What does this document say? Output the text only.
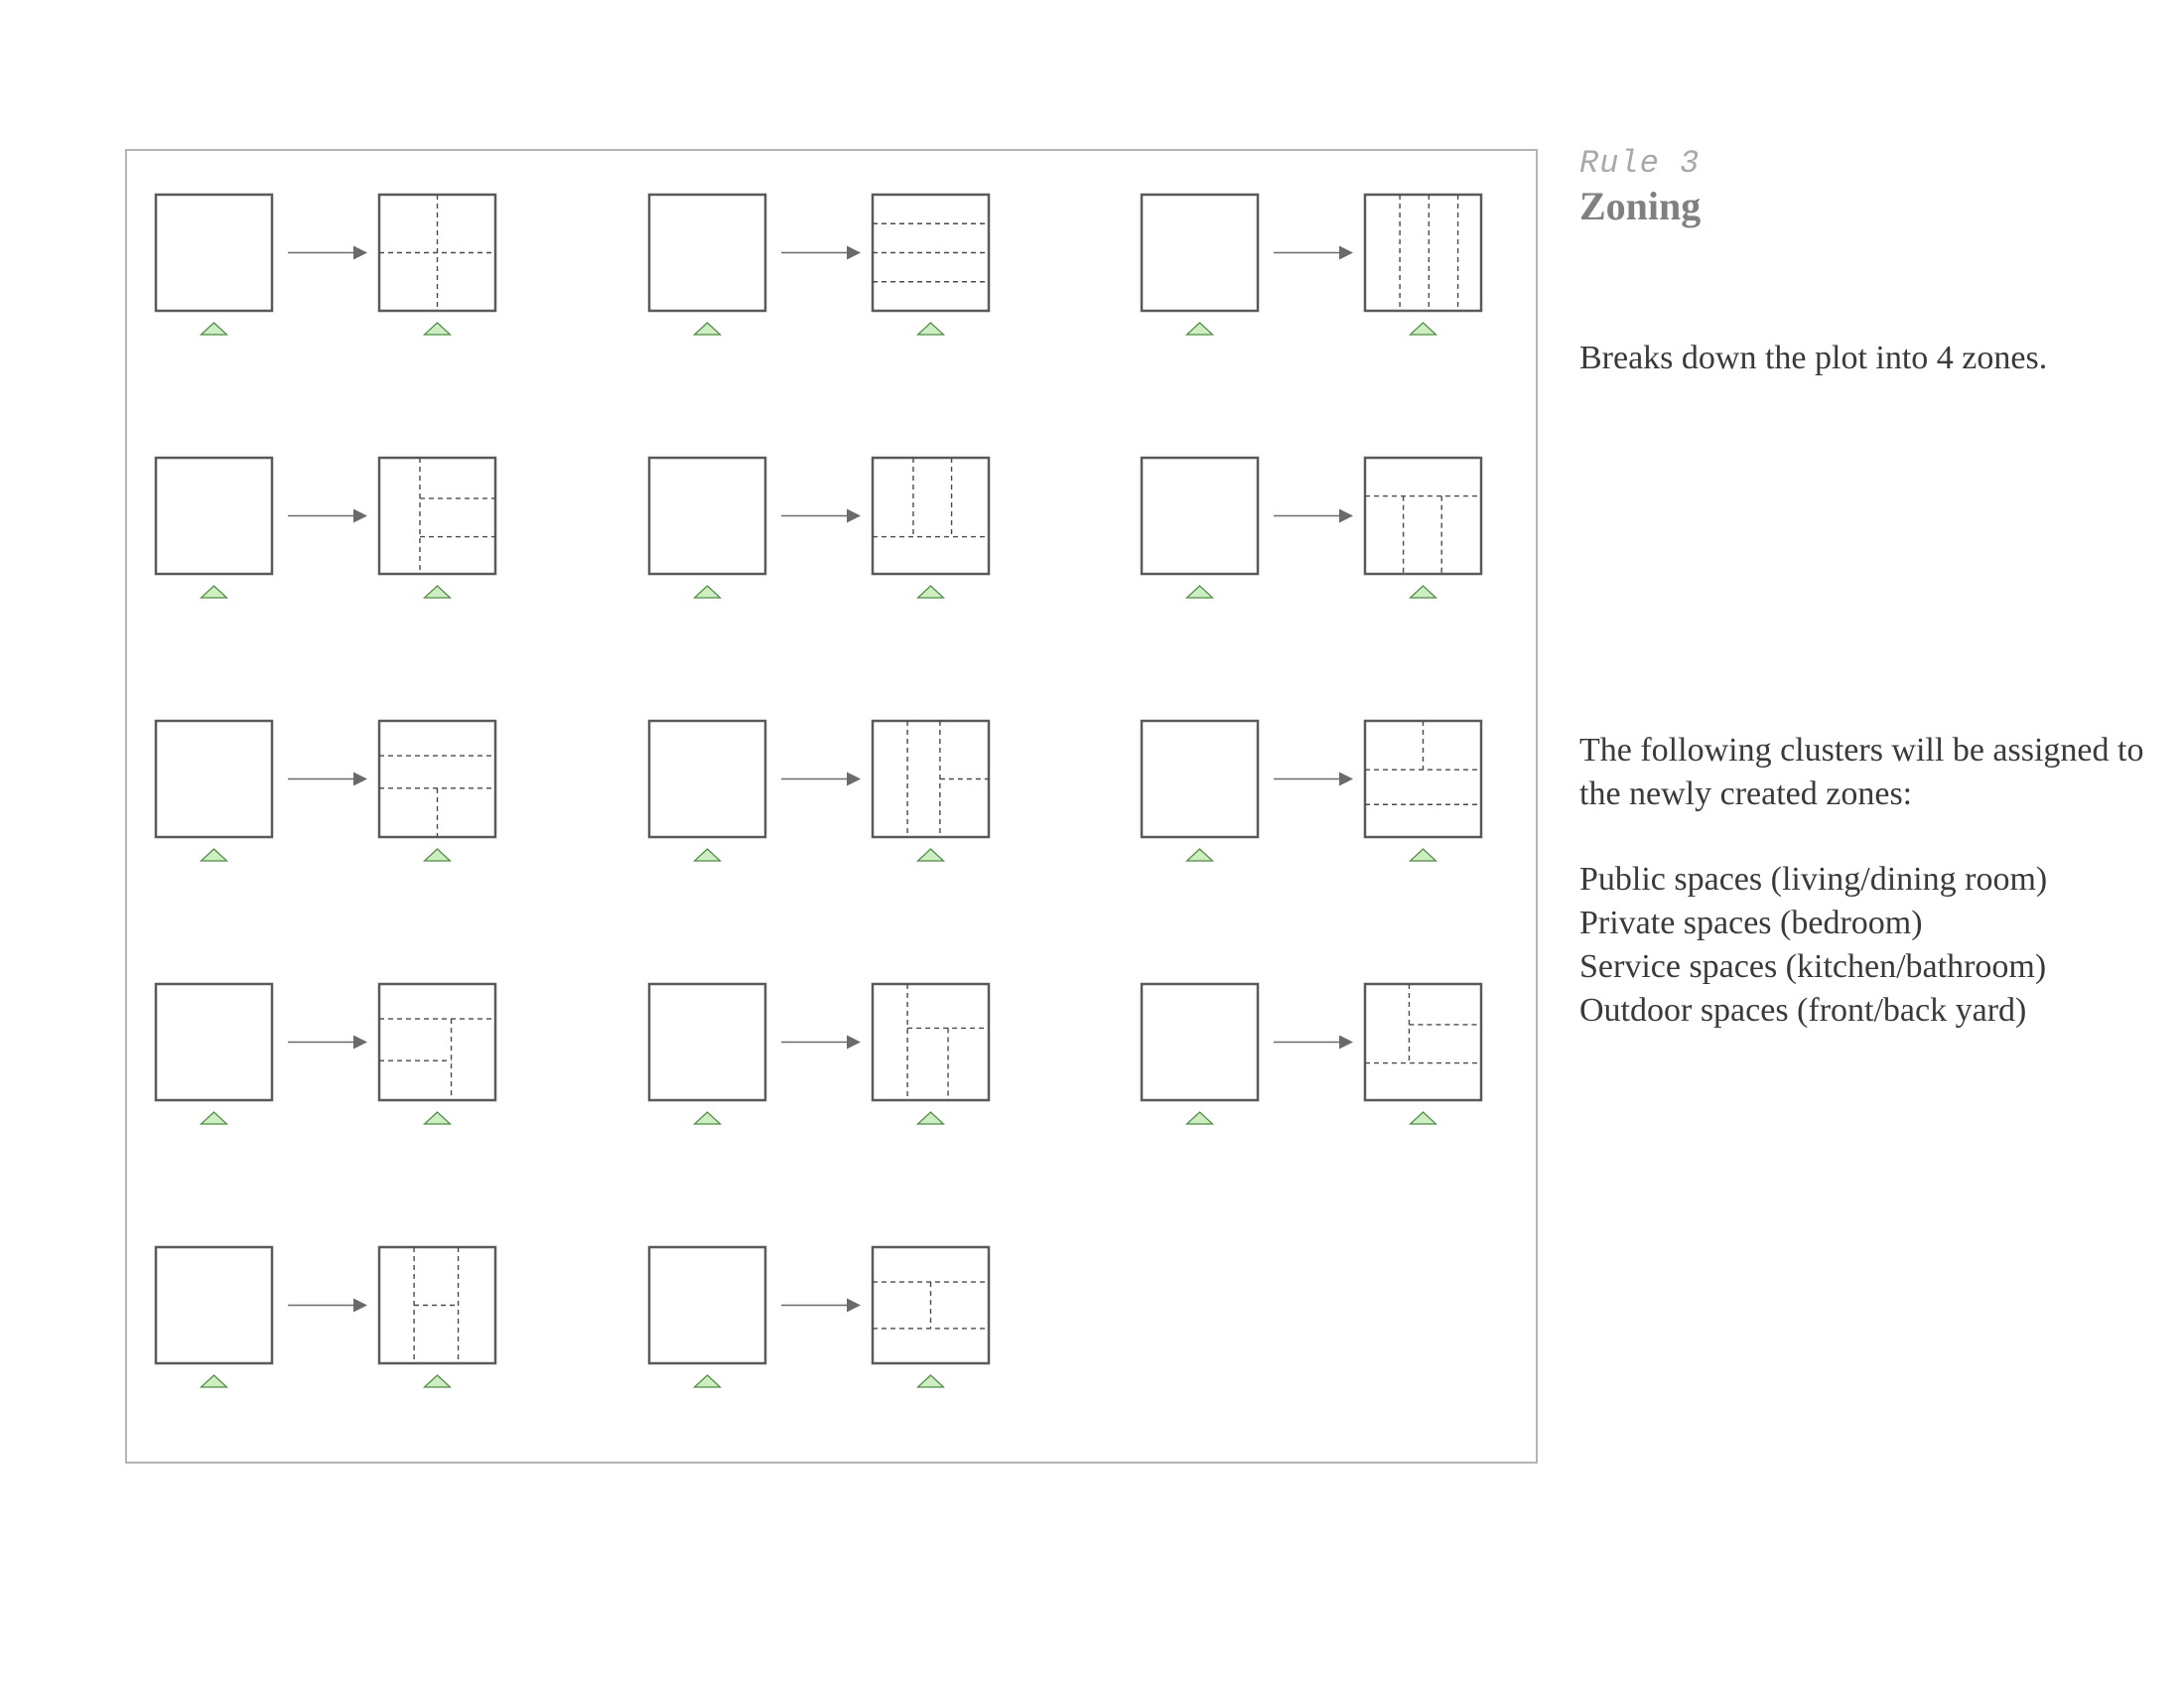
Rule 3
Zoning
Breaks down the plot into 4 zones.
The following clusters will be assigned to the newly created zones:
Public spaces (living/dining room)
Private spaces (bedroom)
Service spaces (kitchen/bathroom)
Outdoor spaces (front/back yard)
